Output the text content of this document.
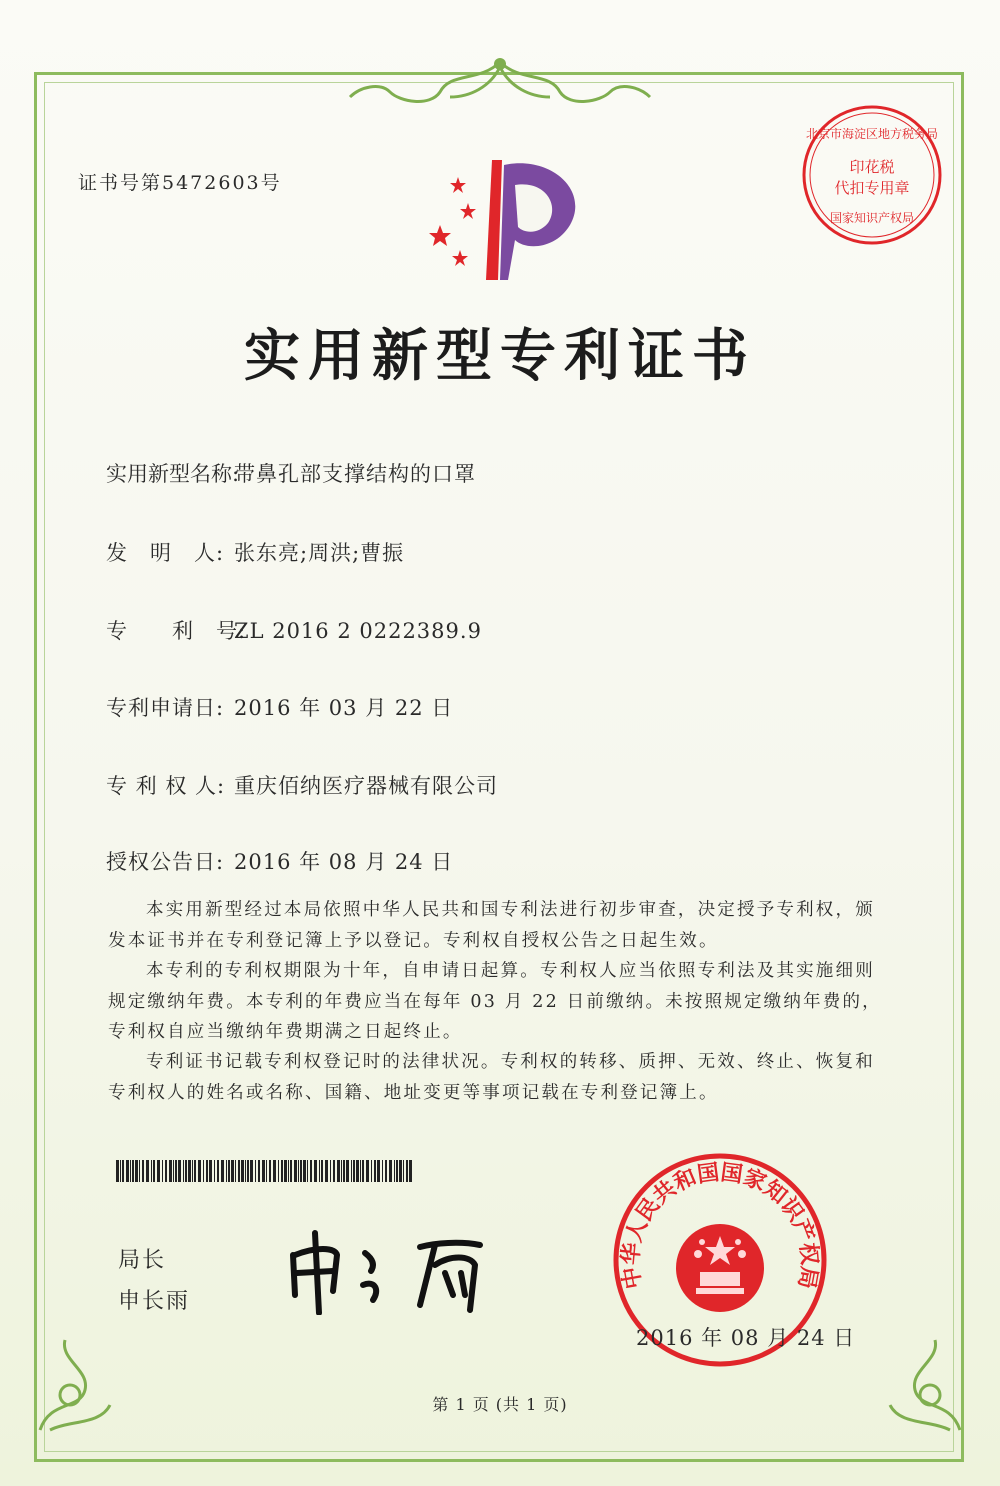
证书号第5472603号
北京市海淀区地方税务局
印花税
代扣专用章
国家知识产权局
实用新型专利证书
实用新型名称:带鼻孔部支撑结构的口罩
发　明　人: 张东亮;周洪;曹振
专　　利　号:ZL 2016 2 0222389.9
专利申请日: 2016 年 03 月 22 日
专 利 权 人: 重庆佰纳医疗器械有限公司
授权公告日: 2016 年 08 月 24 日
本实用新型经过本局依照中华人民共和国专利法进行初步审查，决定授予专利权，颁发本证书并在专利登记簿上予以登记。专利权自授权公告之日起生效。
本专利的专利权期限为十年，自申请日起算。专利权人应当依照专利法及其实施细则规定缴纳年费。本专利的年费应当在每年 03 月 22 日前缴纳。未按照规定缴纳年费的，专利权自应当缴纳年费期满之日起终止。
专利证书记载专利权登记时的法律状况。专利权的转移、质押、无效、终止、恢复和专利权人的姓名或名称、国籍、地址变更等事项记载在专利登记簿上。
局长
申长雨
中华人民共和国国家知识产权局
2016 年 08 月 24 日
第 1 页 (共 1 页)
